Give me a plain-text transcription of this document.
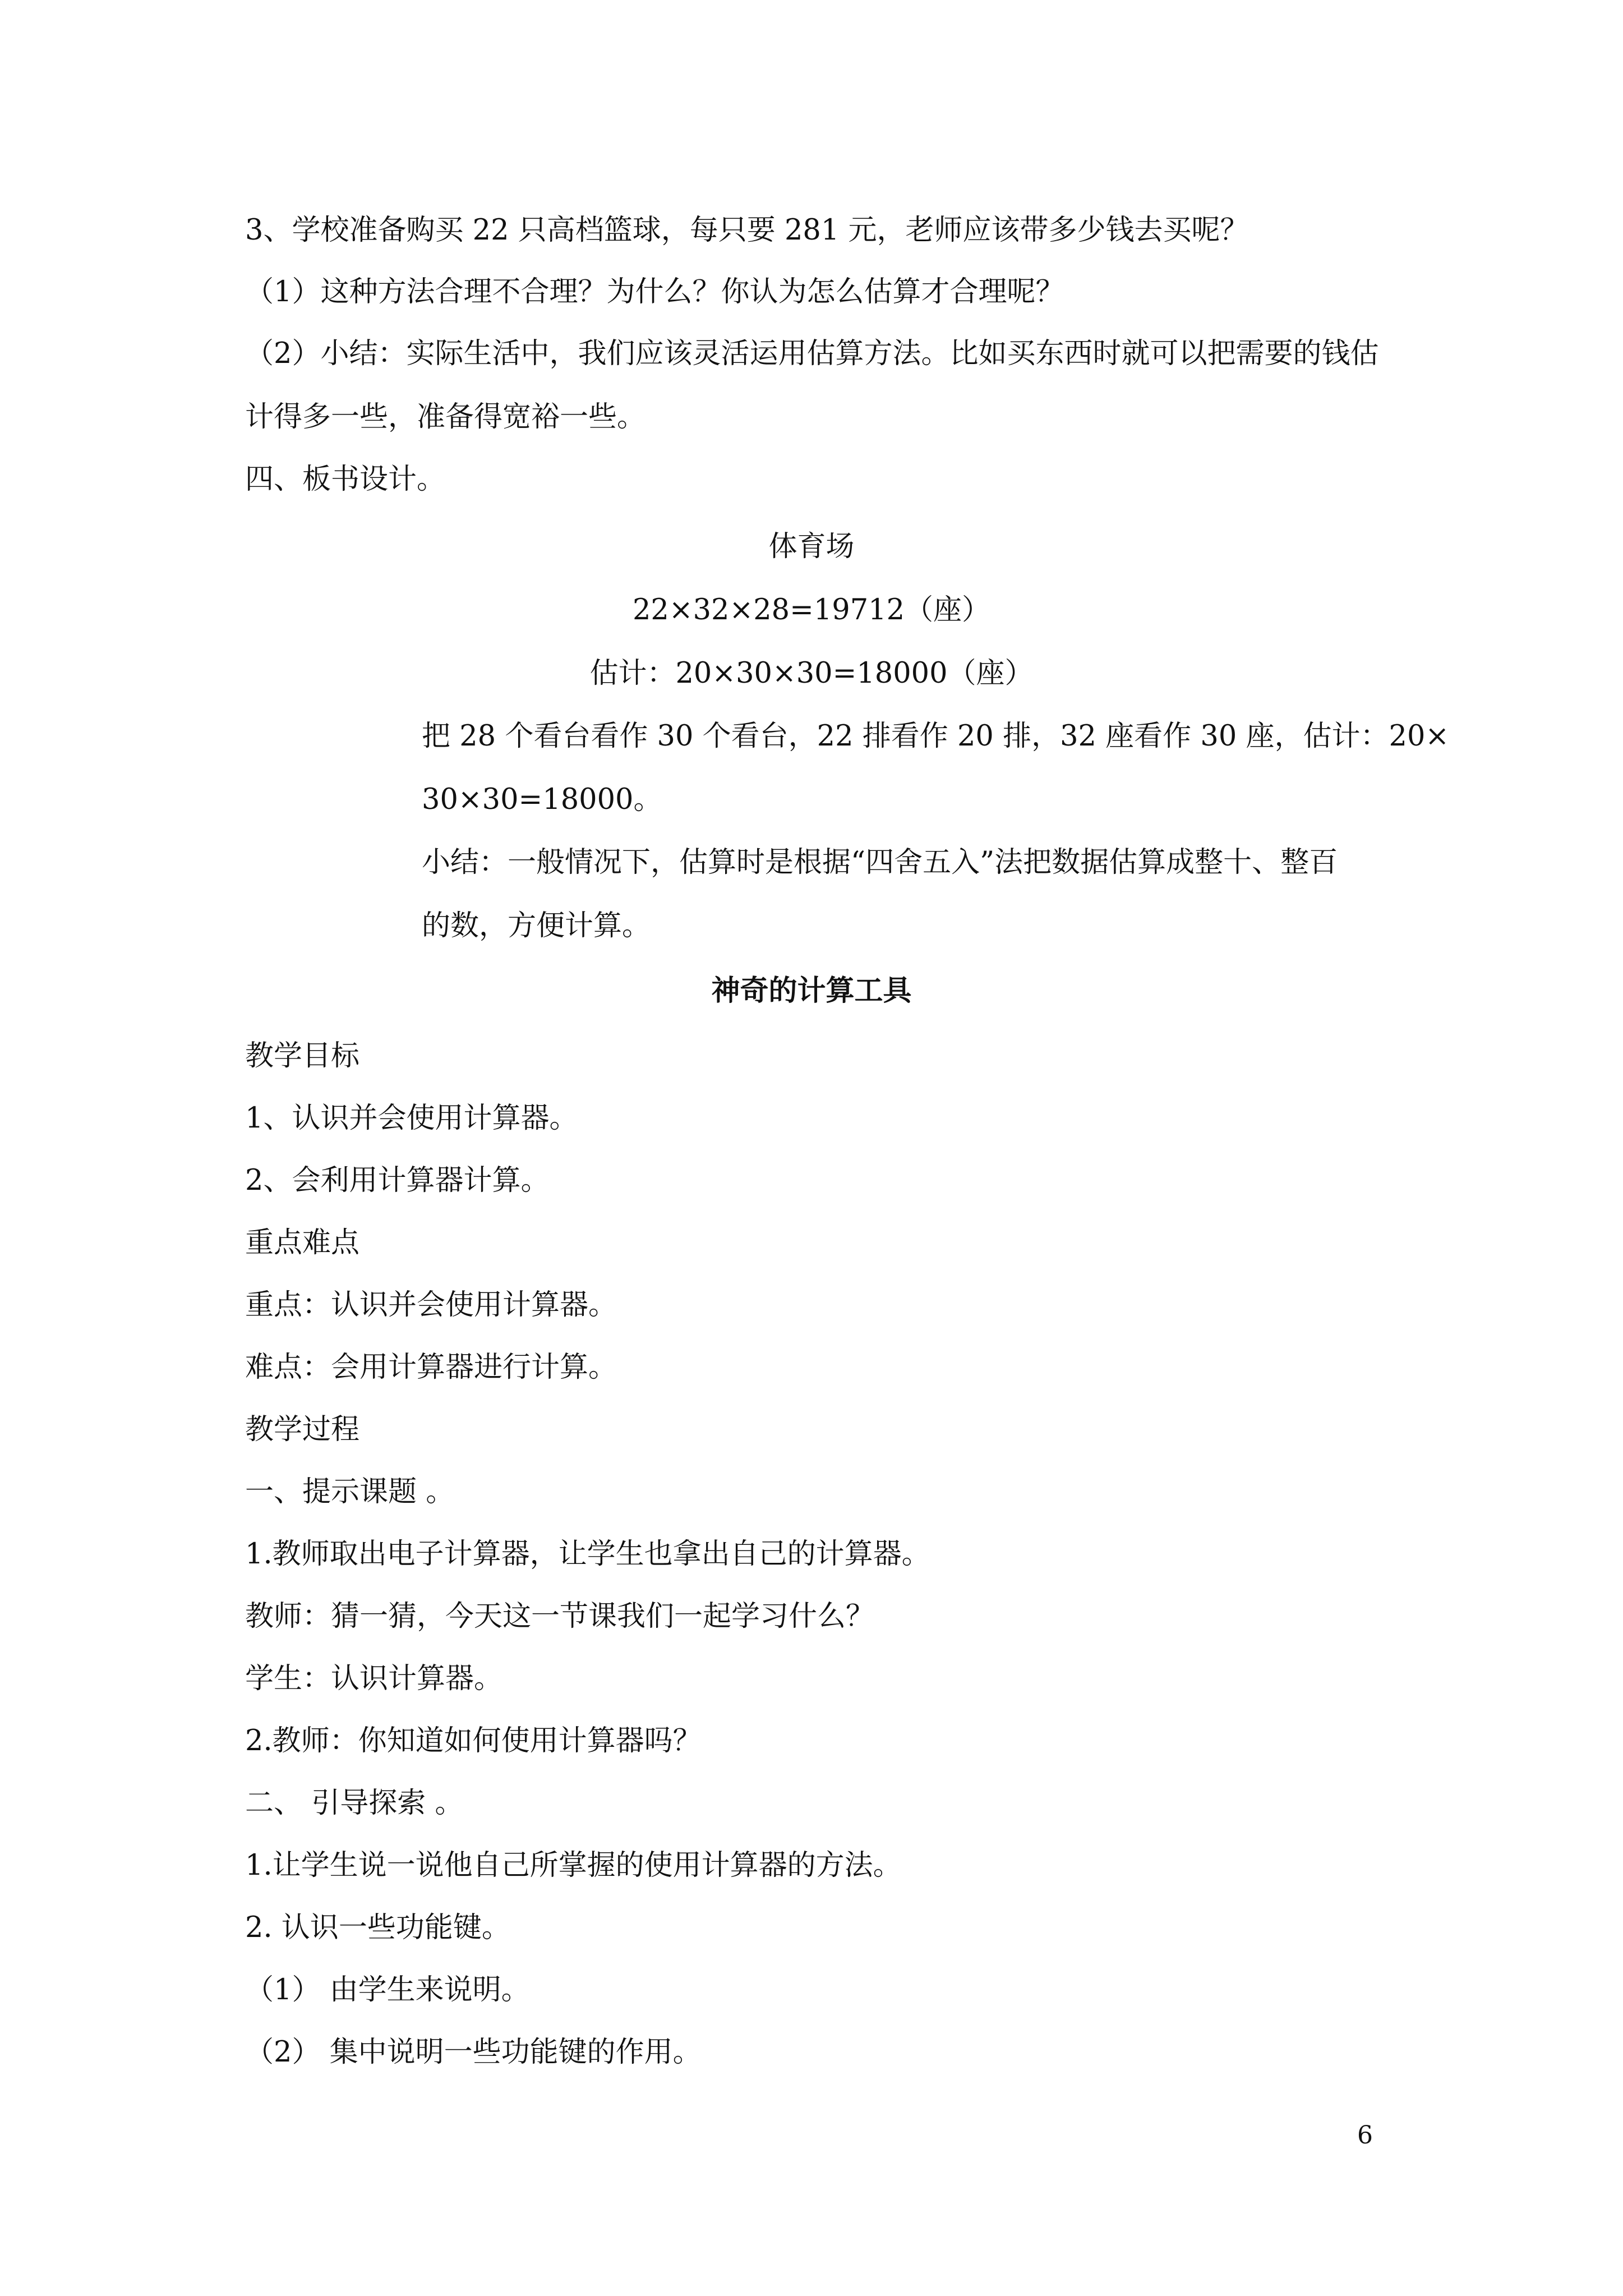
3、学校准备购买 22 只高档篮球，每只要 281 元，老师应该带多少钱去买呢？
（1）这种方法合理不合理？为什么？你认为怎么估算才合理呢？
（2）小结：实际生活中，我们应该灵活运用估算方法。比如买东西时就可以把需要的钱估
计得多一些，准备得宽裕一些。
四、板书设计。
体育场
22×32×28=19712（座）
估计：20×30×30=18000（座）
把 28 个看台看作 30 个看台，22 排看作 20 排，32 座看作 30 座，估计：20×
30×30=18000。
小结：一般情况下，估算时是根据“四舍五入”法把数据估算成整十、整百
的数，方便计算。
神奇的计算工具
教学目标
1、认识并会使用计算器。
2、会利用计算器计算。
重点难点
重点：认识并会使用计算器。
难点：会用计算器进行计算。
教学过程
一、提示课题 。
1.教师取出电子计算器，让学生也拿出自己的计算器。
教师：猜一猜，今天这一节课我们一起学习什么？
学生：认识计算器。
2.教师：你知道如何使用计算器吗？
二、 引导探索 。
1.让学生说一说他自己所掌握的使用计算器的方法。
2. 认识一些功能键。
（1） 由学生来说明。
（2） 集中说明一些功能键的作用。
6
